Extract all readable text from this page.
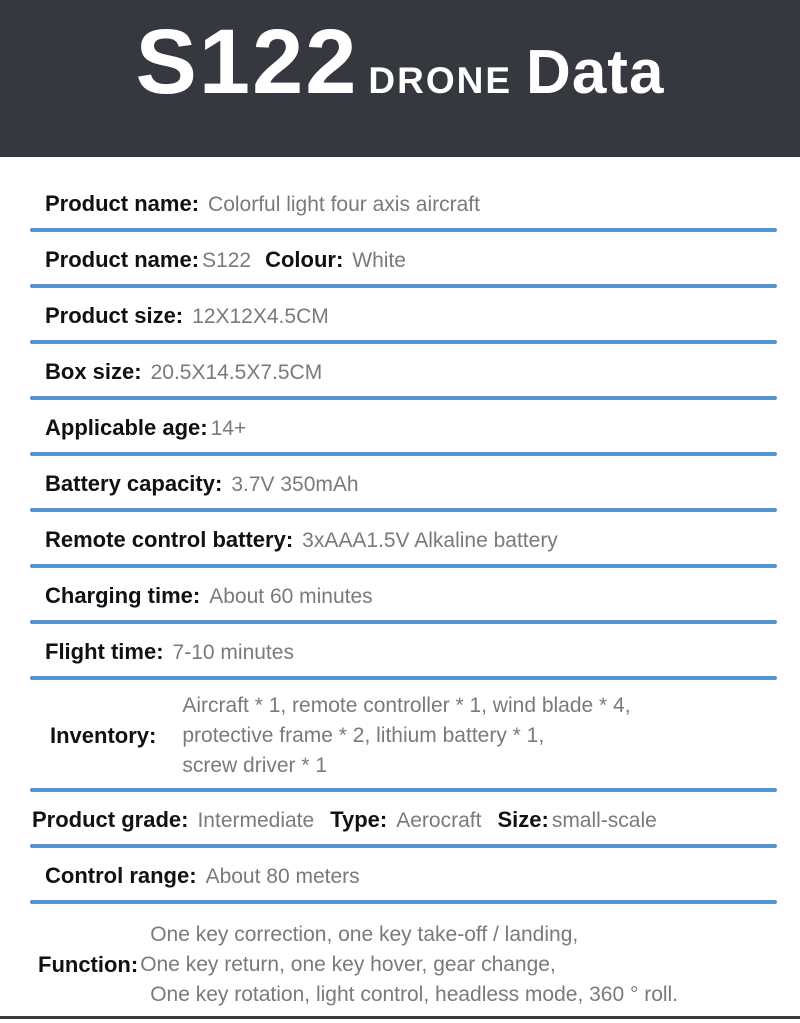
S122 DRONE Data
Product name: Colorful light four axis aircraft
Product name: S122 Colour: White
Product size: 12X12X4.5CM
Box size: 20.5X14.5X7.5CM
Applicable age: 14+
Battery capacity: 3.7V 350mAh
Remote control battery: 3xAAA1.5V Alkaline battery
Charging time: About 60 minutes
Flight time: 7-10 minutes
Inventory:
Aircraft * 1, remote controller * 1, wind blade * 4,
protective frame * 2, lithium battery * 1,
screw driver * 1
Product grade: Intermediate Type: Aerocraft Size: small-scale
Control range: About 80 meters
Function:
One key correction, one key take-off / landing,
One key return, one key hover, gear change,
One key rotation, light control, headless mode, 360 ° roll.
